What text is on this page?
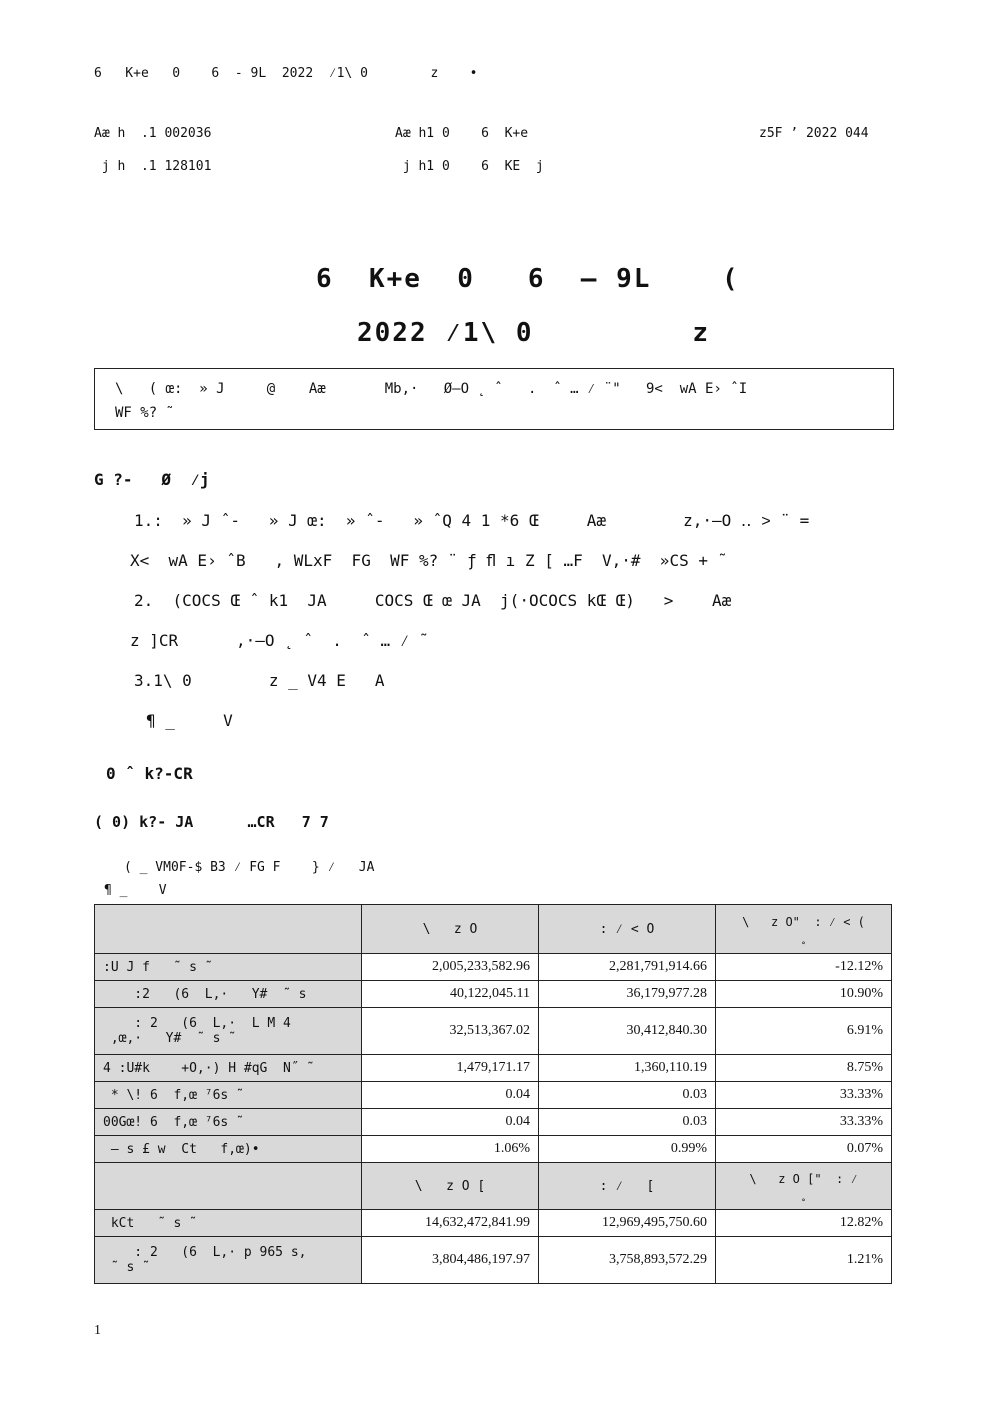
6   K+e   0    6  - 9L  2022  ⁄1\ 0        z    •
Aæ h  .1 002036	Aæ h1 0    6  K+e	z5F ’ 2022 044
j h  .1 128101	j h1 0    6  KE  j
6  K+e  0   6  – 9L    (
2022 ⁄1\ 0         z
\   ( œ:  » J     @    Aæ       Mb,·   Ø–O ˛ ˆ   .  ˆ … ⁄ ¨"   9<  wA E› ˆI
WF %? ˜
G ?-   Ø  ⁄j
1.:  » J ˆ-   » J œ:  » ˆ-   » ˆQ 4 1 *6 Œ     Aæ        z,·–O ‥ ˃ ¨ =
X<  wA E› ˆB   , WLxF  FG  WF %? ¨ ƒ ﬂ ı Z [ …F  V,·#  »CS + ˜
2.  (COCS Œ ˆ k1  JA     COCS Œ œ JA  j(·OCOCS kŒ Œ)   >    Aæ
z ]CR      ,·–O ˛ ˆ  .  ˆ … ⁄ ˜
3.1\ 0        z _ V4 E   A
¶ _     V
0 ˆ k?-CR
( 0) k?- JA      …CR   7 7
( _ VM0F-$ B3 ⁄ FG F    } ⁄   JA
¶ _    V
	\   z O	: ⁄ < O	\   z O"  : ⁄ < (
˳
:U J f   ˜ s ˜	2,005,233,582.96	2,281,791,914.66	-12.12%
:2   (6  L,·   Y#  ˜ s	40,122,045.11	36,179,977.28	10.90%
: 2   (6  L,·  L M 4
,œ,·   Y#  ˜ s ˜	32,513,367.02	30,412,840.30	6.91%
4 :U#k    +O,·) H #qG  N˝ ˜	1,479,171.17	1,360,110.19	8.75%
* \! 6  f,œ ⁷6s ˜	0.04	0.03	33.33%
00Gœ! 6  f,œ ⁷6s ˜	0.04	0.03	33.33%
– s £ w  Ct   f,œ)•	1.06%	0.99%	0.07%
	\   z O [	: ⁄   [	\   z O ["  : ⁄
˳
kCt   ˜ s ˜	14,632,472,841.99	12,969,495,750.60	12.82%
: 2   (6  L,· p 965 s,
˜ s ˜	3,804,486,197.97	3,758,893,572.29	1.21%
1
